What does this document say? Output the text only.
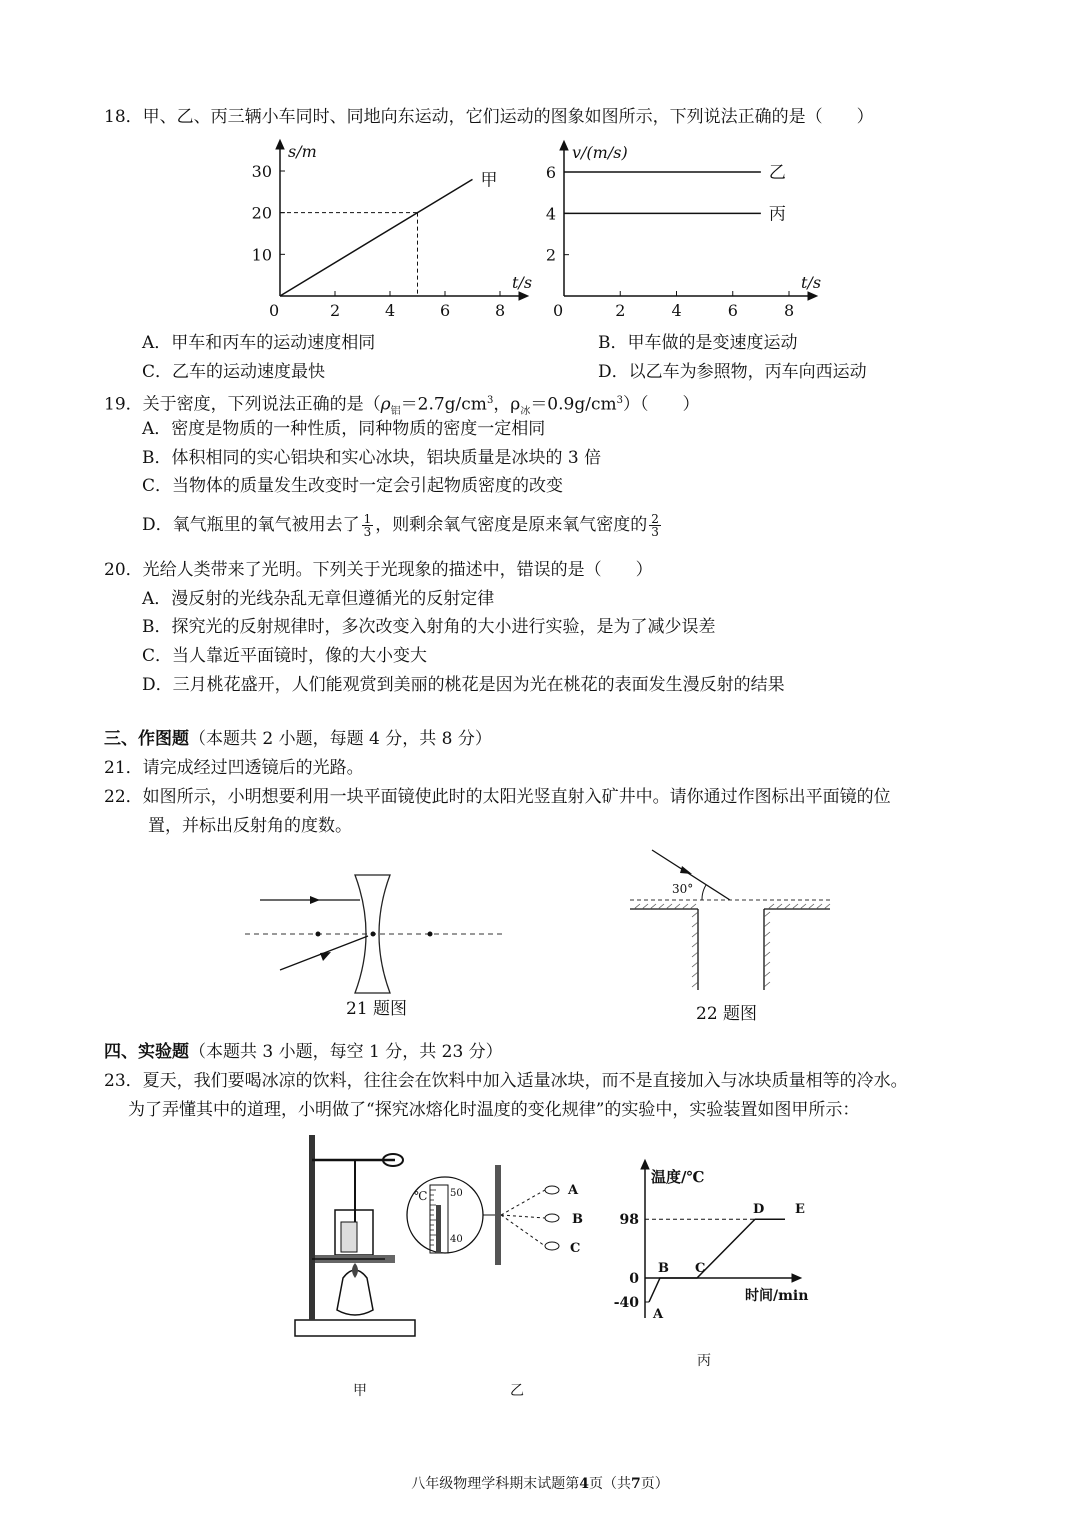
18．甲、乙、丙三辆小车同时、同地向东运动，它们运动的图象如图所示，下列说法正确的是（　　）
t/s
s/m
0	2	4	6	8
10
20
30	甲
t/s
v/(m/s)
0	2	4	6	8
2
4
6	乙
丙
A．甲车和丙车的运动速度相同	B．甲车做的是变速度运动
C．乙车的运动速度最快	D．以乙车为参照物，丙车向西运动
19．关于密度，下列说法正确的是（$\rho_铝=2.7g/cm^3$，$\rho_冰=0.9g/cm^3$）（　　）
A．密度是物质的一种性质，同种物质的密度一定相同
B．体积相同的实心铝块和实心冰块，铝块质量是冰块的 3 倍
C．当物体的质量发生改变时一定会引起物质密度的改变
D．氧气瓶里的氧气被用去了 $\frac{1}{3}$ ，则剩余氧气密度是原来氧气密度的 $\frac{2}{3}$
20．光给人类带来了光明。下列关于光现象的描述中，错误的是（　　）
A．漫反射的光线杂乱无章但遵循光的反射定律
B．探究光的反射规律时，多次改变入射角的大小进行实验，是为了减少误差
C．当人靠近平面镜时，像的大小变大
D．三月桃花盛开，人们能观赏到美丽的桃花是因为光在桃花的表面发生漫反射的结果
三、作图题（本题共 2 小题，每题 4 分，共 8 分）
21．请完成经过凹透镜后的光路。
22．如图所示，小明想要利用一块平面镜使此时的太阳光竖直射入矿井中。请你通过作图标出平面镜的位
置，并标出反射角的度数。
21 题图
30°
22 题图
四、实验题（本题共 3 小题，每空 1 分，共 23 分）
23．夏天，我们要喝冰凉的饮料，往往会在饮料中加入适量冰块，而不是直接加入与冰块质量相等的冷水。
为了弄懂其中的道理，小明做了“探究冰熔化时温度的变化规律”的实验中，实验装置如图甲所示：
甲
℃ 50
40
A
B
C
乙
温度/℃
时间/min
-40
0
98
A
B C
D E
丙
八年级物理学科期末试题第4页（共7页）
